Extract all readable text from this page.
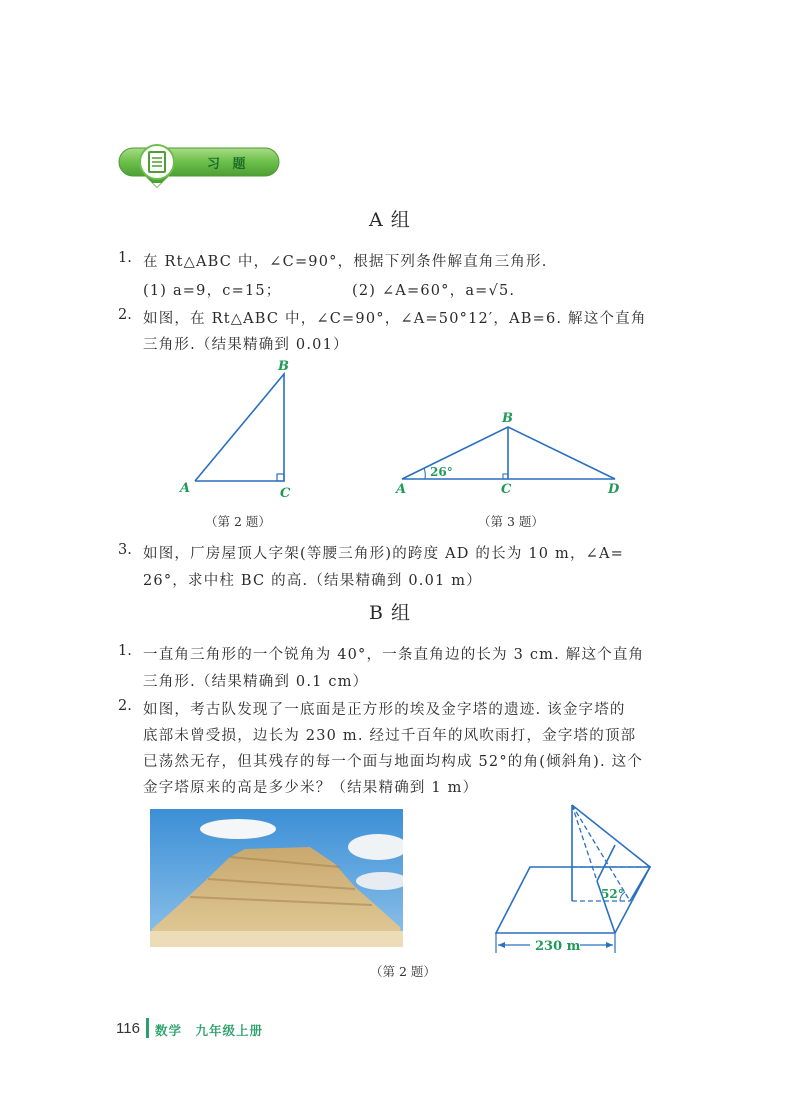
习 题
A 组
1. 在 Rt△ABC 中，∠C=90°，根据下列条件解直角三角形.
(1) a=9，c=15；	(2) ∠A=60°，a=√5.
2. 如图，在 Rt△ABC 中，∠C=90°，∠A=50°12′，AB=6. 解这个直角
三角形.（结果精确到 0.01）
B
A	C
（第 2 题）
26°
B
A	C	D
（第 3 题）
3. 如图，厂房屋顶人字架(等腰三角形)的跨度 AD 的长为 10 m，∠A=
26°，求中柱 BC 的高.（结果精确到 0.01 m）
B 组
1. 一直角三角形的一个锐角为 40°，一条直角边的长为 3 cm. 解这个直角
三角形.（结果精确到 0.1 cm）
2. 如图，考古队发现了一底面是正方形的埃及金字塔的遗迹. 该金字塔的
底部未曾受损，边长为 230 m. 经过千百年的风吹雨打，金字塔的顶部
已荡然无存，但其残存的每一个面与地面均构成 52°的角(倾斜角). 这个
金字塔原来的高是多少米？（结果精确到 1 m）
52°
230 m
（第 2 题）
116 数学　九年级上册
